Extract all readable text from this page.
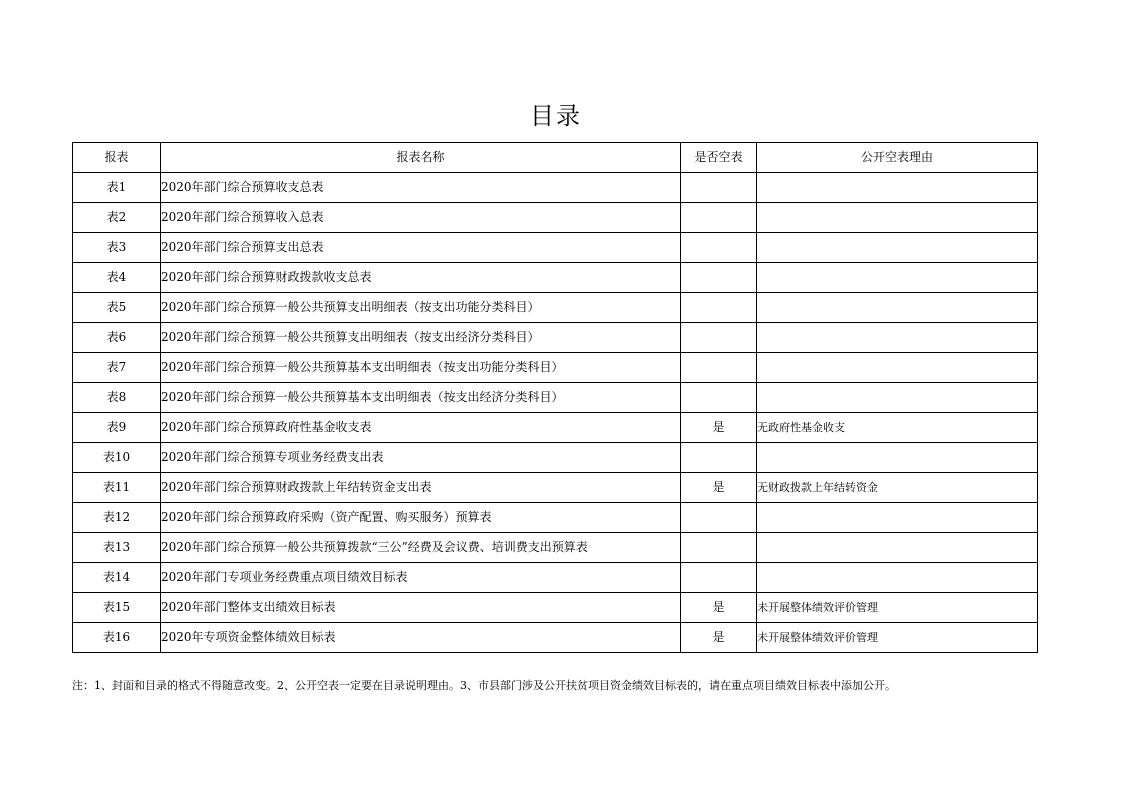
目录
报表	报表名称	是否空表	公开空表理由
表1	2020年部门综合预算收支总表		
表2	2020年部门综合预算收入总表		
表3	2020年部门综合预算支出总表		
表4	2020年部门综合预算财政拨款收支总表		
表5	2020年部门综合预算一般公共预算支出明细表（按支出功能分类科目）		
表6	2020年部门综合预算一般公共预算支出明细表（按支出经济分类科目）		
表7	2020年部门综合预算一般公共预算基本支出明细表（按支出功能分类科目）		
表8	2020年部门综合预算一般公共预算基本支出明细表（按支出经济分类科目）		
表9	2020年部门综合预算政府性基金收支表	是	无政府性基金收支
表10	2020年部门综合预算专项业务经费支出表		
表11	2020年部门综合预算财政拨款上年结转资金支出表	是	无财政拨款上年结转资金
表12	2020年部门综合预算政府采购（资产配置、购买服务）预算表		
表13	2020年部门综合预算一般公共预算拨款“三公”经费及会议费、培训费支出预算表		
表14	2020年部门专项业务经费重点项目绩效目标表		
表15	2020年部门整体支出绩效目标表	是	未开展整体绩效评价管理
表16	2020年专项资金整体绩效目标表	是	未开展整体绩效评价管理
注：1、封面和目录的格式不得随意改变。2、公开空表一定要在目录说明理由。3、市县部门涉及公开扶贫项目资金绩效目标表的，请在重点项目绩效目标表中添加公开。
